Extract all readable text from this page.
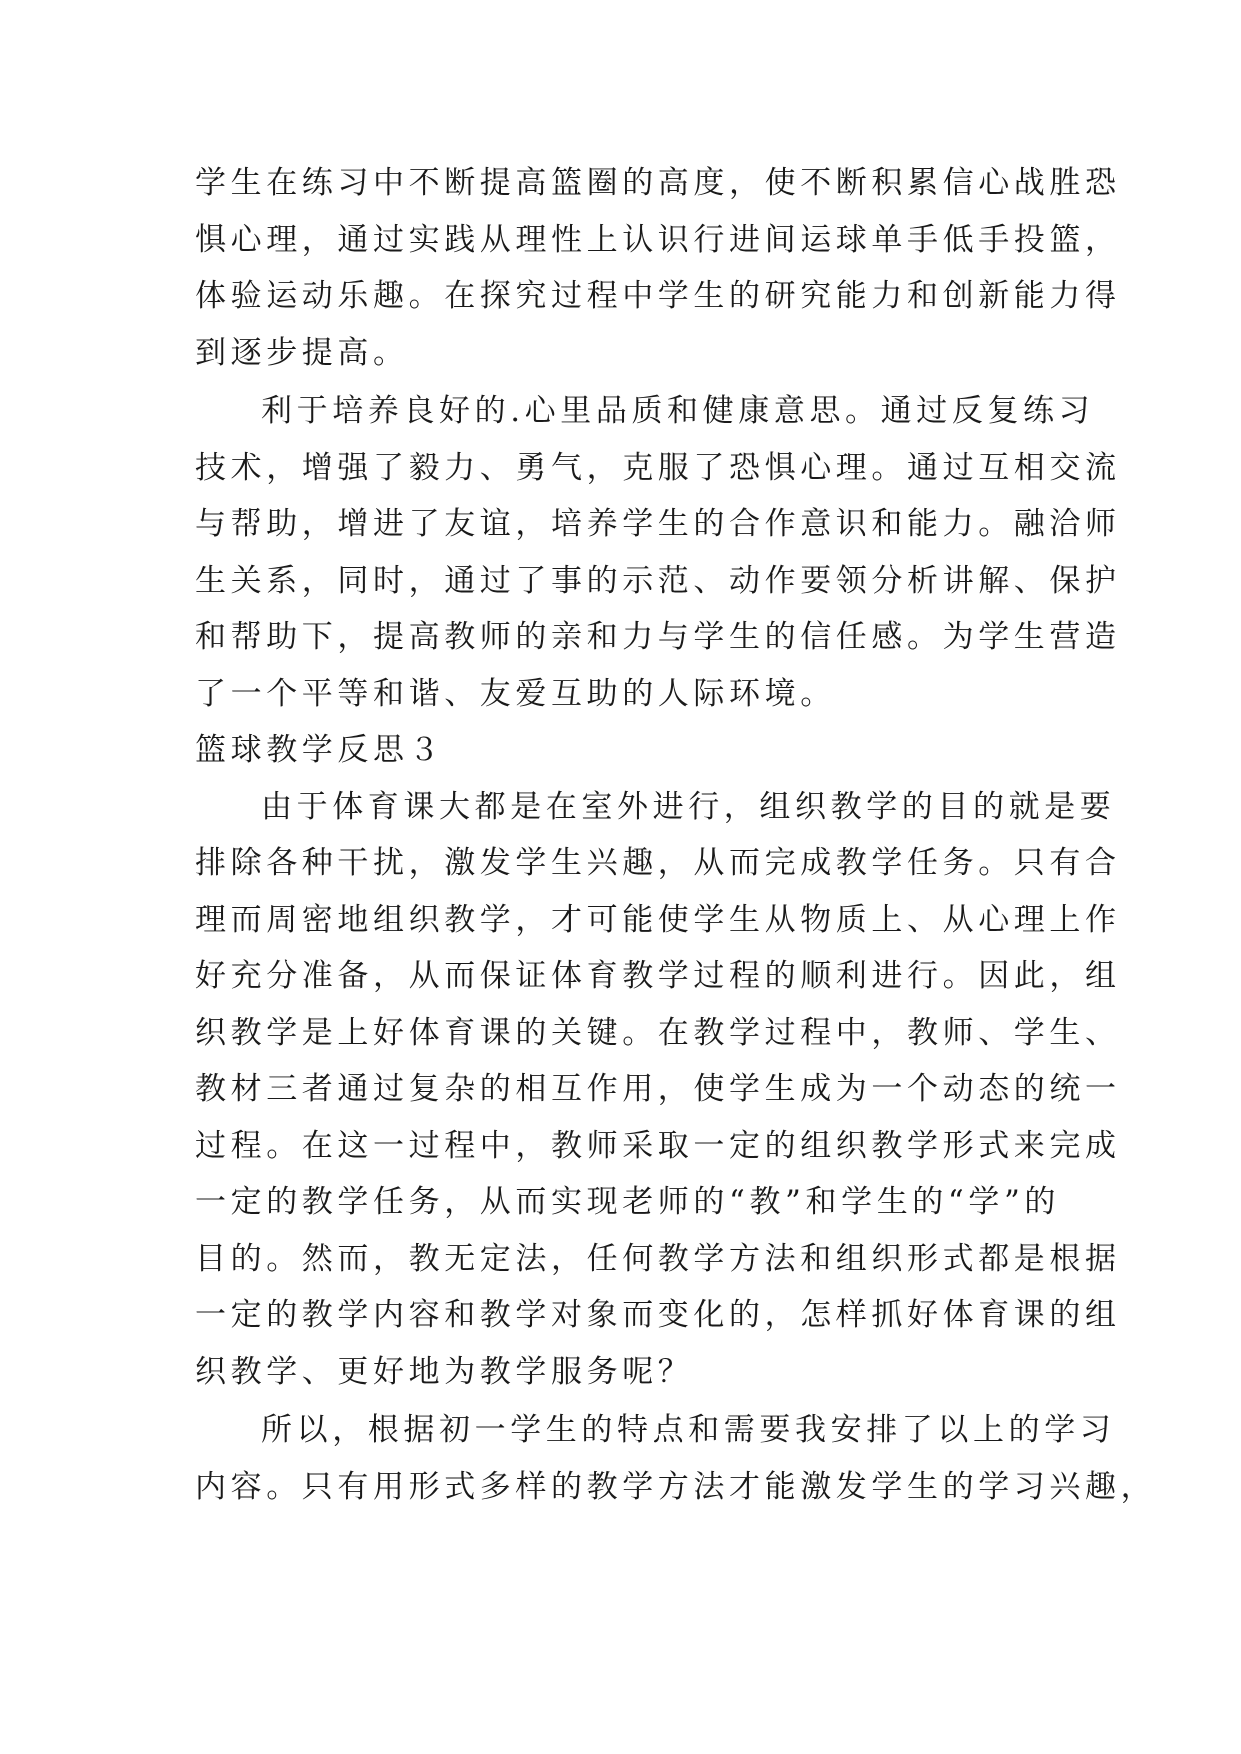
学生在练习中不断提高篮圈的高度，使不断积累信心战胜恐
惧心理，通过实践从理性上认识行进间运球单手低手投篮，
体验运动乐趣。在探究过程中学生的研究能力和创新能力得
到逐步提高。
利于培养良好的.心里品质和健康意思。通过反复练习
技术，增强了毅力、勇气，克服了恐惧心理。通过互相交流
与帮助，增进了友谊，培养学生的合作意识和能力。融洽师
生关系，同时，通过了事的示范、动作要领分析讲解、保护
和帮助下，提高教师的亲和力与学生的信任感。为学生营造
了一个平等和谐、友爱互助的人际环境。
篮球教学反思３
由于体育课大都是在室外进行，组织教学的目的就是要
排除各种干扰，激发学生兴趣，从而完成教学任务。只有合
理而周密地组织教学，才可能使学生从物质上、从心理上作
好充分准备，从而保证体育教学过程的顺利进行。因此，组
织教学是上好体育课的关键。在教学过程中，教师、学生、
教材三者通过复杂的相互作用，使学生成为一个动态的统一
过程。在这一过程中，教师采取一定的组织教学形式来完成
一定的教学任务，从而实现老师的“教”和学生的“学”的
目的。然而，教无定法，任何教学方法和组织形式都是根据
一定的教学内容和教学对象而变化的，怎样抓好体育课的组
织教学、更好地为教学服务呢？
所以，根据初一学生的特点和需要我安排了以上的学习
内容。只有用形式多样的教学方法才能激发学生的学习兴趣，
